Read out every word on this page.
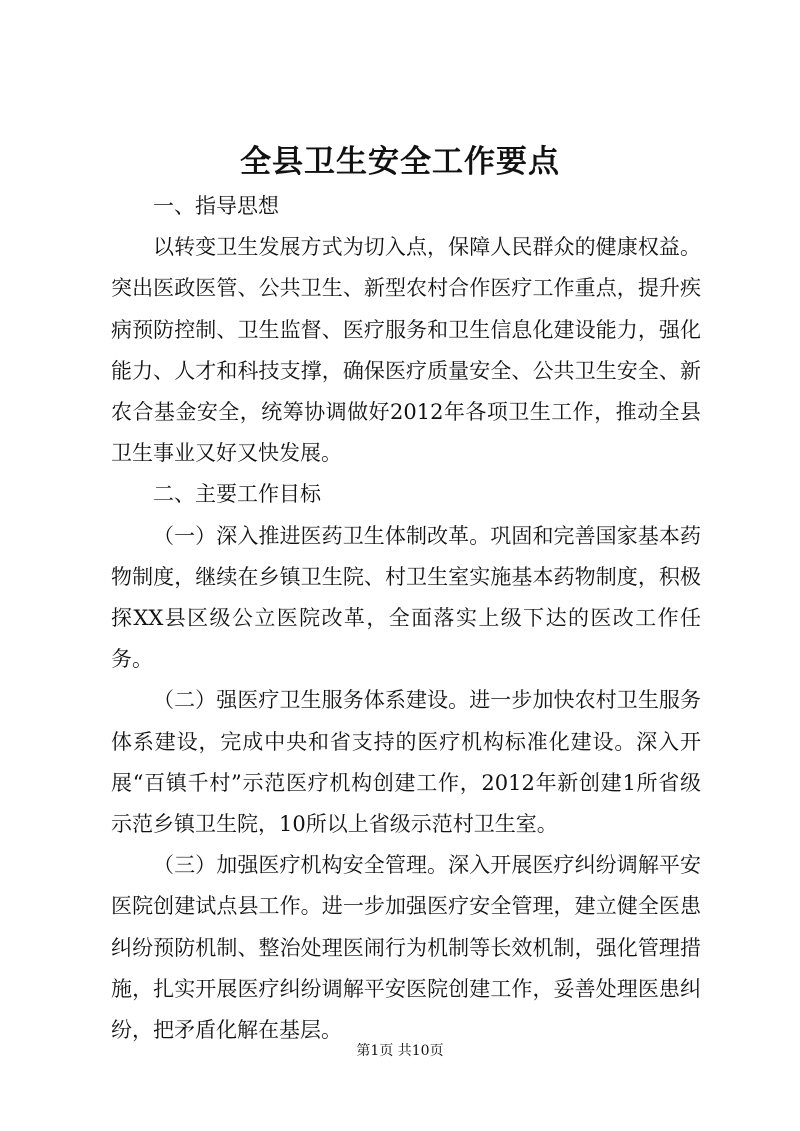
全县卫生安全工作要点

一、指导思想

以转变卫生发展方式为切入点，保障人民群众的健康权益。突出医政医管、公共卫生、新型农村合作医疗工作重点，提升疾病预防控制、卫生监督、医疗服务和卫生信息化建设能力，强化能力、人才和科技支撑，确保医疗质量安全、公共卫生安全、新农合基金安全，统筹协调做好2012年各项卫生工作，推动全县卫生事业又好又快发展。

二、主要工作目标

（一）深入推进医药卫生体制改革。巩固和完善国家基本药物制度，继续在乡镇卫生院、村卫生室实施基本药物制度，积极探XX县区级公立医院改革，全面落实上级下达的医改工作任务。

（二）强医疗卫生服务体系建设。进一步加快农村卫生服务体系建设，完成中央和省支持的医疗机构标准化建设。深入开展“百镇千村”示范医疗机构创建工作，2012年新创建1所省级示范乡镇卫生院，10所以上省级示范村卫生室。

（三）加强医疗机构安全管理。深入开展医疗纠纷调解平安医院创建试点县工作。进一步加强医疗安全管理，建立健全医患纠纷预防机制、整治处理医闹行为机制等长效机制，强化管理措施，扎实开展医疗纠纷调解平安医院创建工作，妥善处理医患纠纷，把矛盾化解在基层。

第1页 共10页
